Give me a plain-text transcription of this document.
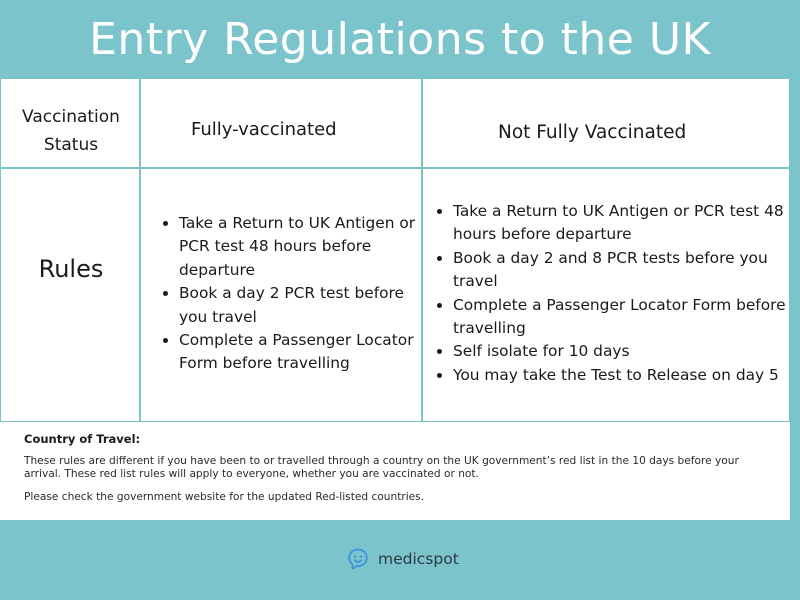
Entry Regulations to the UK
Vaccination Status
Fully-vaccinated	Not Fully Vaccinated
Rules
Take a Return to UK Antigen or PCR test 48 hours before departure
Book a day 2 PCR test before you travel
Complete a Passenger Locator Form before travelling
Take a Return to UK Antigen or PCR test 48 hours before departure
Book a day 2 and 8 PCR tests before you travel
Complete a Passenger Locator Form before travelling
Self isolate for 10 days
You may take the Test to Release on day 5

Country of Travel:

These rules are different if you have been to or travelled through a country on the UK government’s red list in the 10 days before your arrival. These red list rules will apply to everyone, whether you are vaccinated or not.

Please check the government website for the updated Red-listed countries.

medicspot
